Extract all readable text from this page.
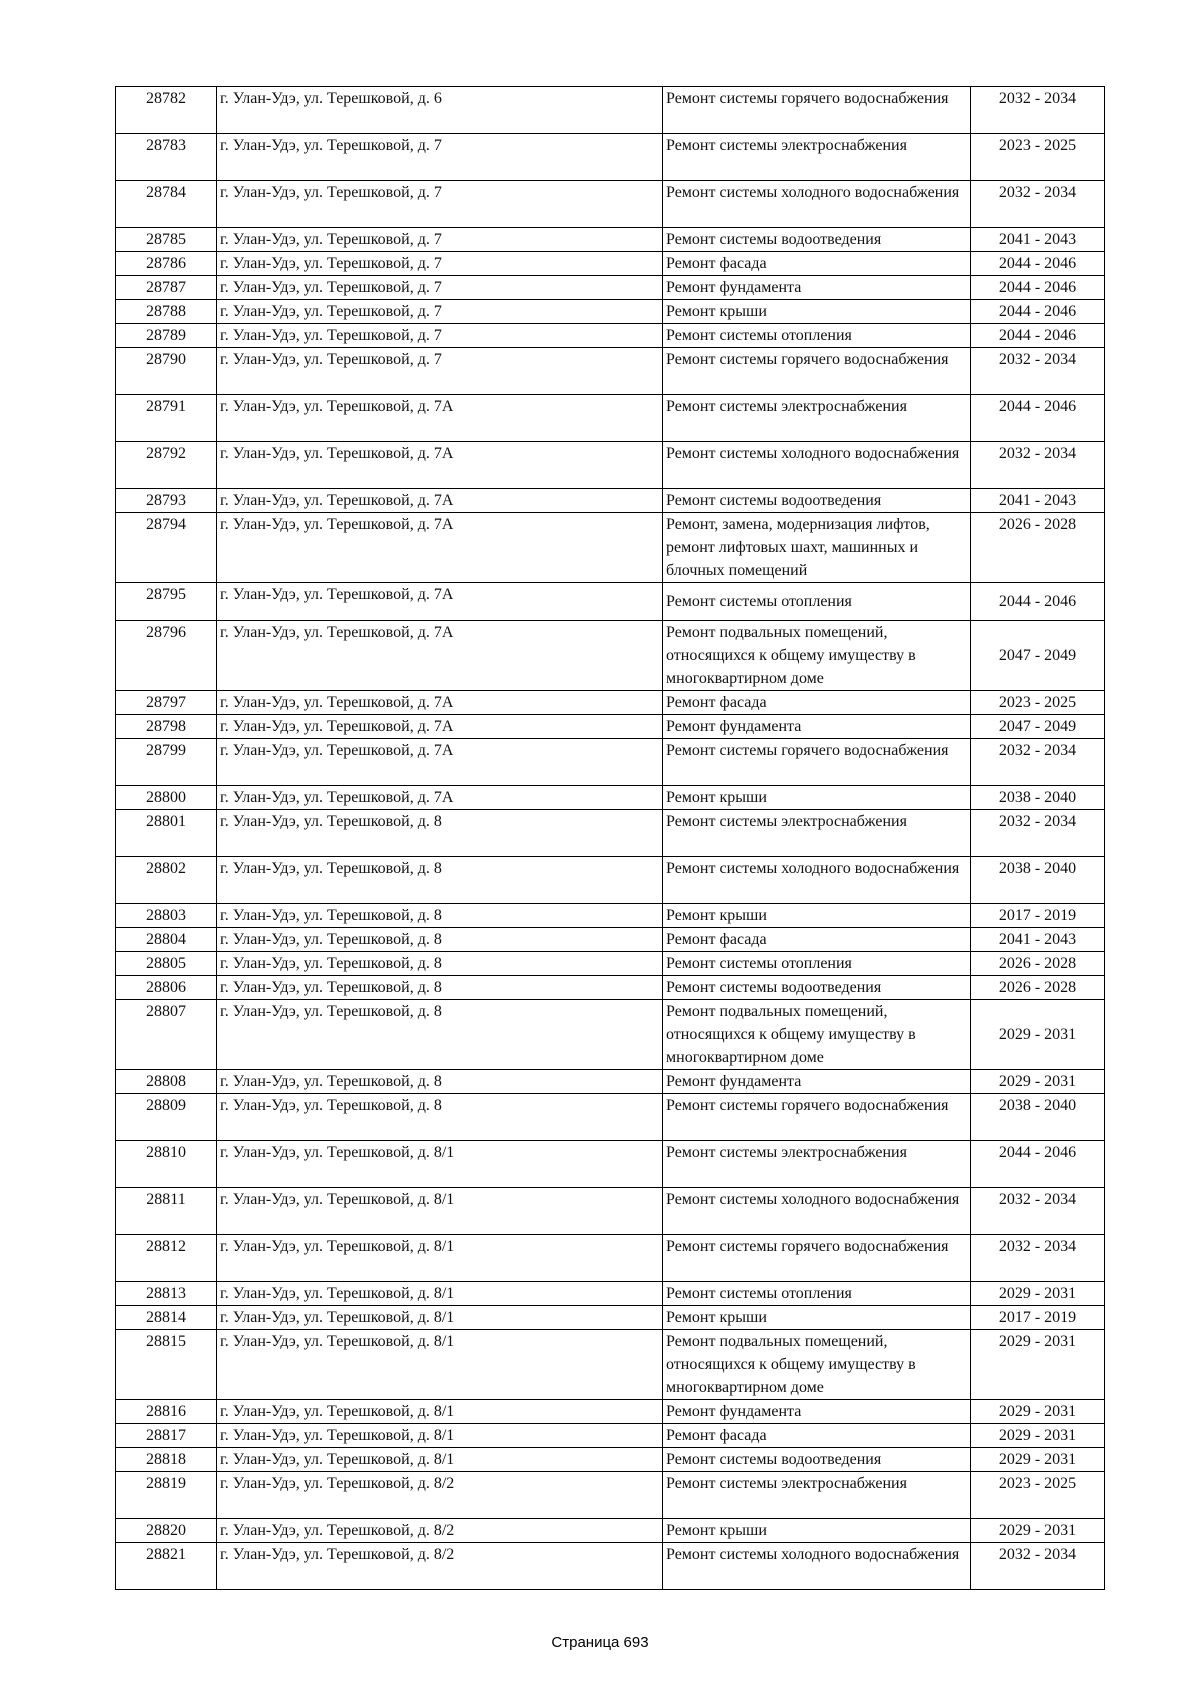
28782	г. Улан-Удэ, ул. Терешковой, д. 6	Ремонт системы горячего водоснабжения	2032 - 2034
28783	г. Улан-Удэ, ул. Терешковой, д. 7	Ремонт системы электроснабжения	2023 - 2025
28784	г. Улан-Удэ, ул. Терешковой, д. 7	Ремонт системы холодного водоснабжения	2032 - 2034
28785	г. Улан-Удэ, ул. Терешковой, д. 7	Ремонт системы водоотведения	2041 - 2043
28786	г. Улан-Удэ, ул. Терешковой, д. 7	Ремонт фасада	2044 - 2046
28787	г. Улан-Удэ, ул. Терешковой, д. 7	Ремонт фундамента	2044 - 2046
28788	г. Улан-Удэ, ул. Терешковой, д. 7	Ремонт крыши	2044 - 2046
28789	г. Улан-Удэ, ул. Терешковой, д. 7	Ремонт системы отопления	2044 - 2046
28790	г. Улан-Удэ, ул. Терешковой, д. 7	Ремонт системы горячего водоснабжения	2032 - 2034
28791	г. Улан-Удэ, ул. Терешковой, д. 7А	Ремонт системы электроснабжения	2044 - 2046
28792	г. Улан-Удэ, ул. Терешковой, д. 7А	Ремонт системы холодного водоснабжения	2032 - 2034
28793	г. Улан-Удэ, ул. Терешковой, д. 7А	Ремонт системы водоотведения	2041 - 2043
28794	г. Улан-Удэ, ул. Терешковой, д. 7А	Ремонт, замена, модернизация лифтов, ремонт лифтовых шахт, машинных и блочных помещений	2026 - 2028
28795	г. Улан-Удэ, ул. Терешковой, д. 7А	Ремонт системы отопления	2044 - 2046
28796	г. Улан-Удэ, ул. Терешковой, д. 7А	Ремонт подвальных помещений, относящихся к общему имуществу в многоквартирном доме	2047 - 2049
28797	г. Улан-Удэ, ул. Терешковой, д. 7А	Ремонт фасада	2023 - 2025
28798	г. Улан-Удэ, ул. Терешковой, д. 7А	Ремонт фундамента	2047 - 2049
28799	г. Улан-Удэ, ул. Терешковой, д. 7А	Ремонт системы горячего водоснабжения	2032 - 2034
28800	г. Улан-Удэ, ул. Терешковой, д. 7А	Ремонт крыши	2038 - 2040
28801	г. Улан-Удэ, ул. Терешковой, д. 8	Ремонт системы электроснабжения	2032 - 2034
28802	г. Улан-Удэ, ул. Терешковой, д. 8	Ремонт системы холодного водоснабжения	2038 - 2040
28803	г. Улан-Удэ, ул. Терешковой, д. 8	Ремонт крыши	2017 - 2019
28804	г. Улан-Удэ, ул. Терешковой, д. 8	Ремонт фасада	2041 - 2043
28805	г. Улан-Удэ, ул. Терешковой, д. 8	Ремонт системы отопления	2026 - 2028
28806	г. Улан-Удэ, ул. Терешковой, д. 8	Ремонт системы водоотведения	2026 - 2028
28807	г. Улан-Удэ, ул. Терешковой, д. 8	Ремонт подвальных помещений, относящихся к общему имуществу в многоквартирном доме	2029 - 2031
28808	г. Улан-Удэ, ул. Терешковой, д. 8	Ремонт фундамента	2029 - 2031
28809	г. Улан-Удэ, ул. Терешковой, д. 8	Ремонт системы горячего водоснабжения	2038 - 2040
28810	г. Улан-Удэ, ул. Терешковой, д. 8/1	Ремонт системы электроснабжения	2044 - 2046
28811	г. Улан-Удэ, ул. Терешковой, д. 8/1	Ремонт системы холодного водоснабжения	2032 - 2034
28812	г. Улан-Удэ, ул. Терешковой, д. 8/1	Ремонт системы горячего водоснабжения	2032 - 2034
28813	г. Улан-Удэ, ул. Терешковой, д. 8/1	Ремонт системы отопления	2029 - 2031
28814	г. Улан-Удэ, ул. Терешковой, д. 8/1	Ремонт крыши	2017 - 2019
28815	г. Улан-Удэ, ул. Терешковой, д. 8/1	Ремонт подвальных помещений, относящихся к общему имуществу в многоквартирном доме	2029 - 2031
28816	г. Улан-Удэ, ул. Терешковой, д. 8/1	Ремонт фундамента	2029 - 2031
28817	г. Улан-Удэ, ул. Терешковой, д. 8/1	Ремонт фасада	2029 - 2031
28818	г. Улан-Удэ, ул. Терешковой, д. 8/1	Ремонт системы водоотведения	2029 - 2031
28819	г. Улан-Удэ, ул. Терешковой, д. 8/2	Ремонт системы электроснабжения	2023 - 2025
28820	г. Улан-Удэ, ул. Терешковой, д. 8/2	Ремонт крыши	2029 - 2031
28821	г. Улан-Удэ, ул. Терешковой, д. 8/2	Ремонт системы холодного водоснабжения	2032 - 2034
Страница 693
